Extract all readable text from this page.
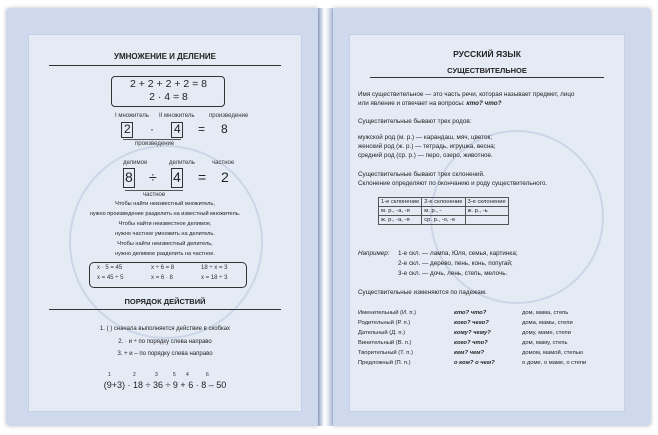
УМНОЖЕНИЕ И ДЕЛЕНИЕ
2 + 2 + 2 + 2 = 8
2 · 4 = 8
I множитель II множитель произведение
2 · 4 = 8
произведение
делимое	делитель	частное
8 ÷ 4 = 2
частное
Чтобы найти неизвестный множитель,
нужно произведение разделить на известный множитель.
Чтобы найти неизвестное делимое,
нужно частное умножить на делитель.
Чтобы найти неизвестный делитель,
нужно делимое разделить на частное.
x · 5 = 45	x ÷ 6 = 8	18 ÷ x = 3
x = 45 ÷ 5	x = 6 · 8	x = 18 ÷ 3
ПОРЯДОК ДЕЙСТВИЙ
1. ( ) сначала выполняется действие в скобках
2. · и ÷ по порядку слева направо
3. + и – по порядку слева направо
1	2	3	4
5	6
(9+3) · 18 ÷ 36 ÷ 9 + 6 · 8 – 50
РУССКИЙ ЯЗЫК
СУЩЕСТВИТЕЛЬНОЕ
Имя существительное — это часть речи, которая называет предмет, лицо
или явление и отвечает на вопросы: кто? что?
Существительные бывают трех родов:
мужской род (м. р.) — карандаш, мяч, цветок;
женский род (ж. р.) — тетрадь, игрушка, весна;
средний род (ср. р.) — перо, озеро, животное.
Существительные бывают трех склонений.
Склонение определяют по окончанию и роду существительного.
1-е склонение	2-е склонение	3-е склонение
м. р., -а, -я	м. р., -	ж. р., -ь
ж. р., -а, -я	ср. р., -о, -е	
Например: 1-е скл. — лампа, Юля, семья, картинка;
2-е скл. — дерево, пень, конь, попугай;
3-е скл. — дочь, лень, степь, мелочь.
Существительные изменяются по падежам.
Именительный (И. п.)	кто? что?	дом, мама, степь
Родительный (Р. п.)	кого? чего?	дома, мамы, степи
Дательный (Д. п.)	кому? чему?	дому, маме, степи
Винительный (В. п.)	кого? что?	дом, маму, степь
Творительный (Т. п.)	кем? чем?	домом, мамой, степью
Предложный (П. п.)	о ком? о чем?	о доме, о маме, о степи
